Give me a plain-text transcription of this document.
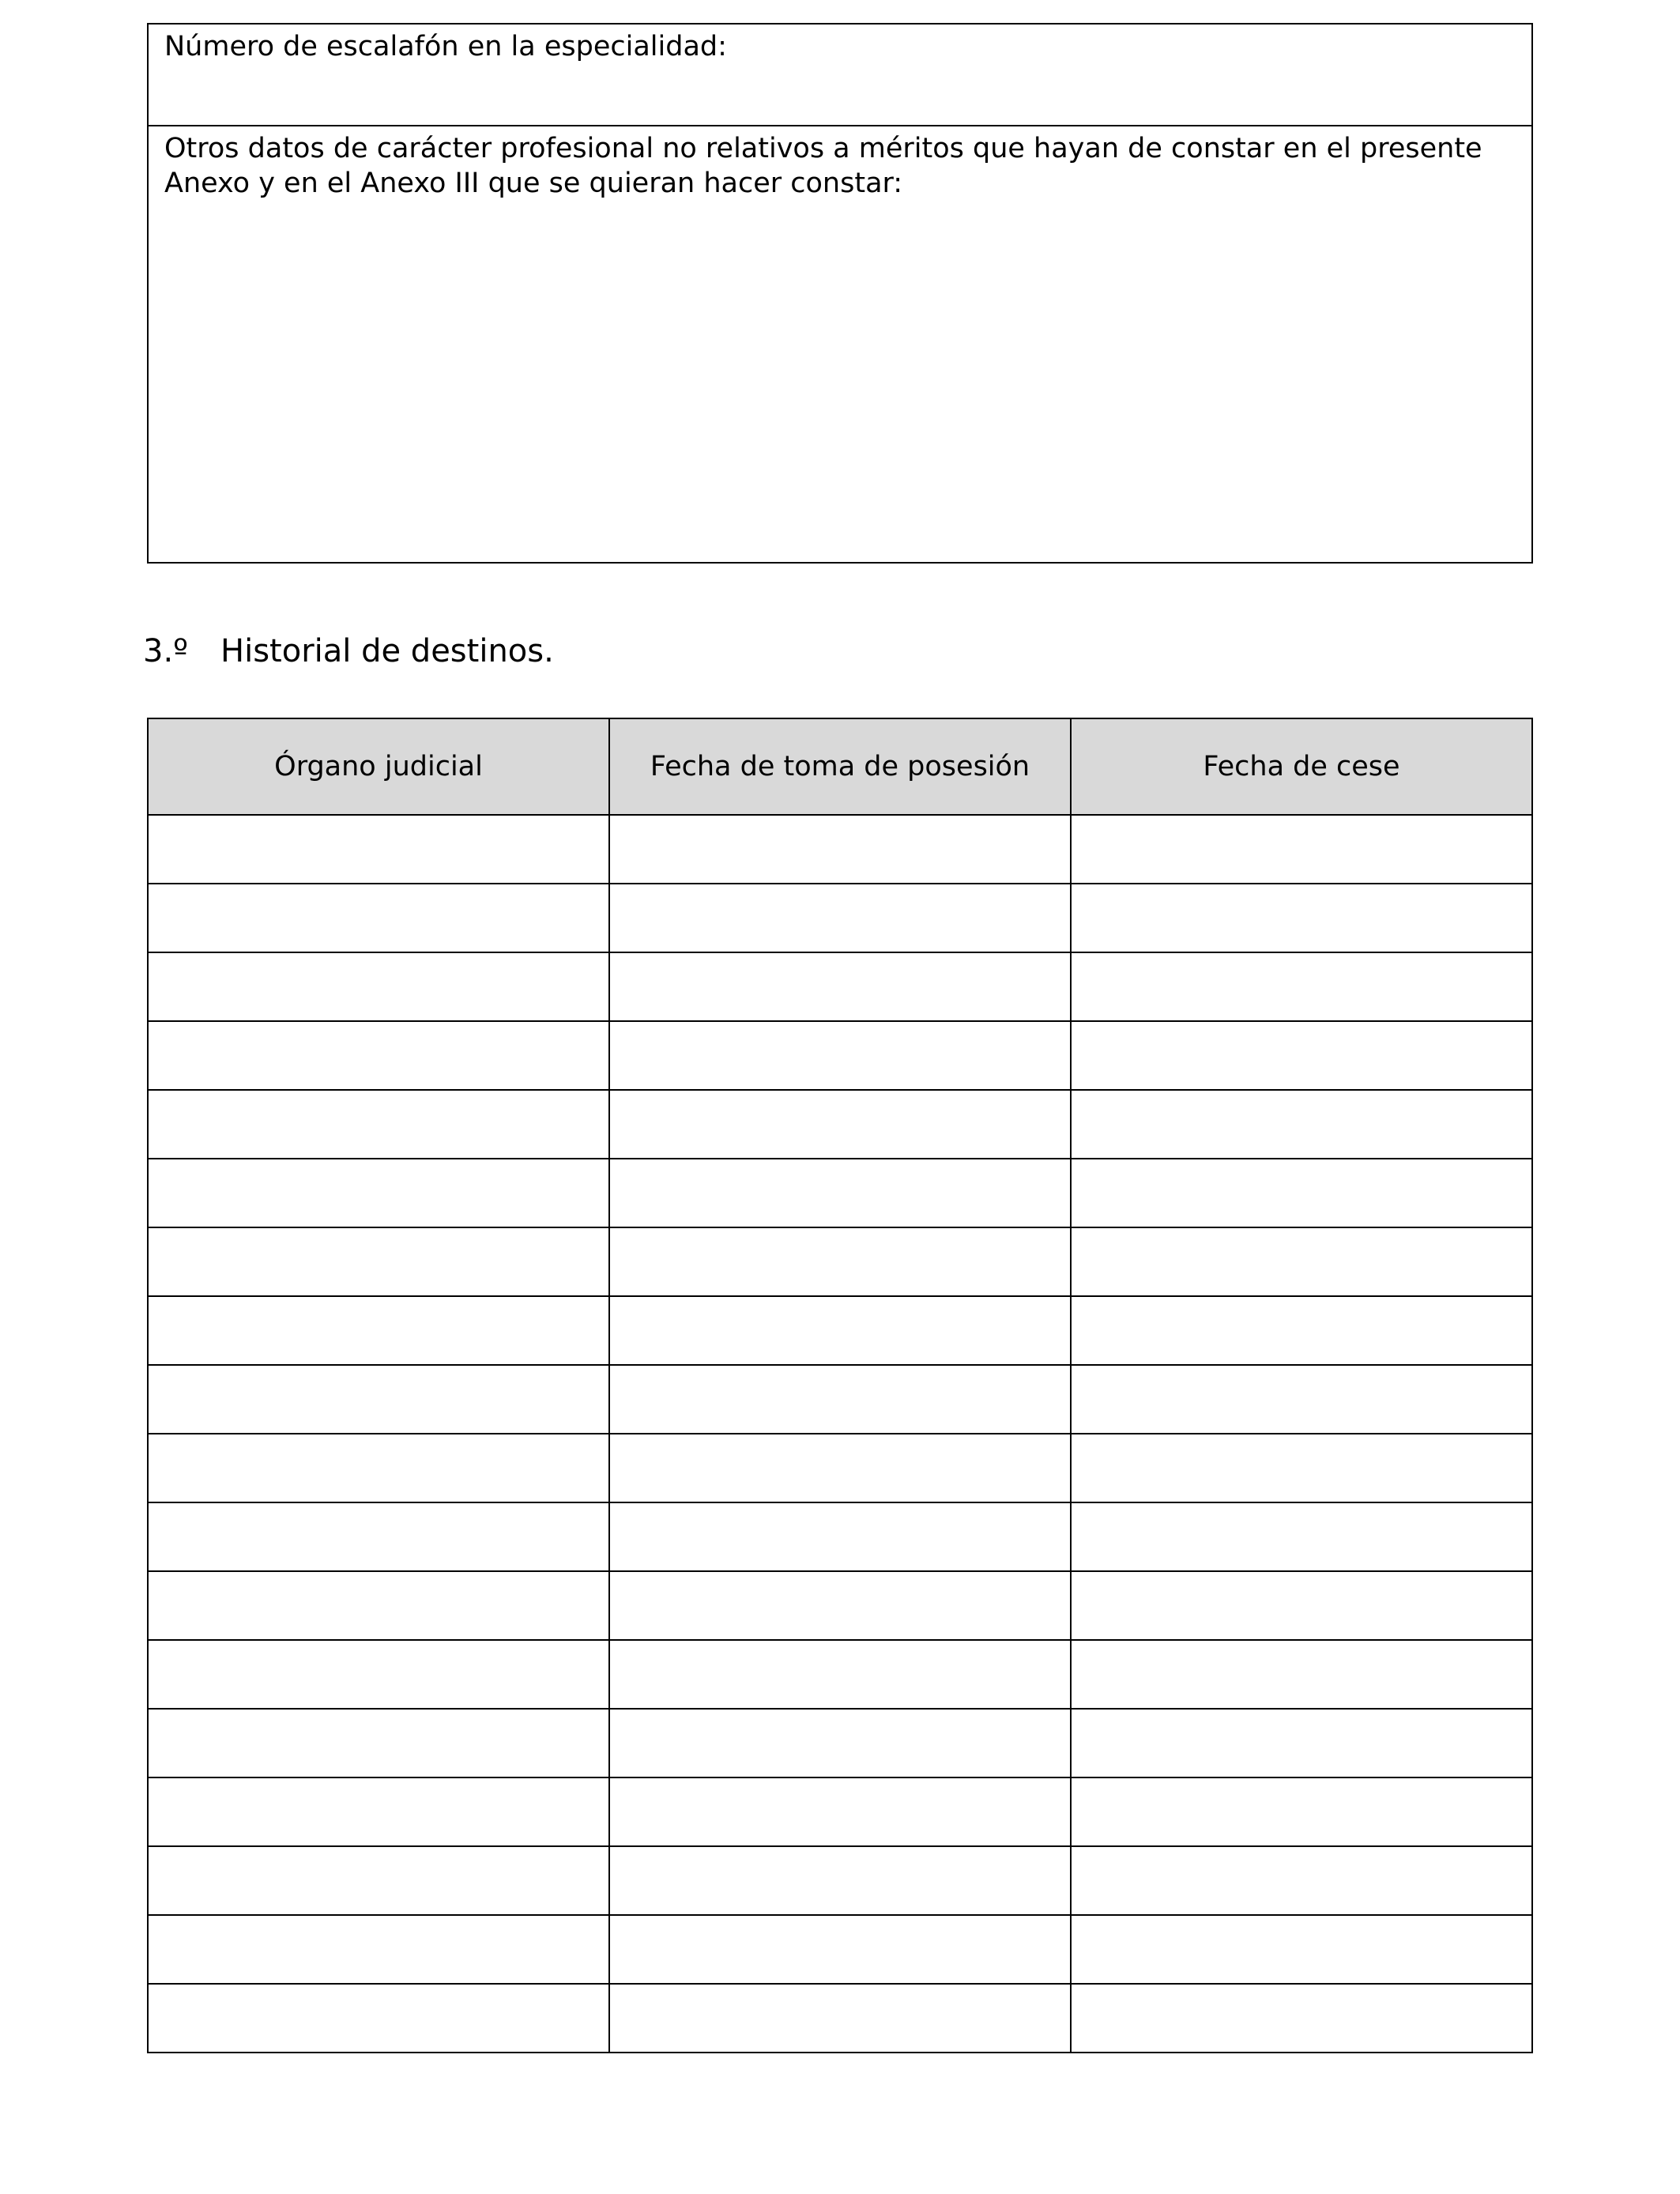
Número de escalafón en la especialidad:

Otros datos de carácter profesional no relativos a méritos que hayan de constar en el presente

Anexo y en el Anexo III que se quieran hacer constar:

3.º Historial de destinos.
Órgano judicial	Fecha de toma de posesión	Fecha de cese
